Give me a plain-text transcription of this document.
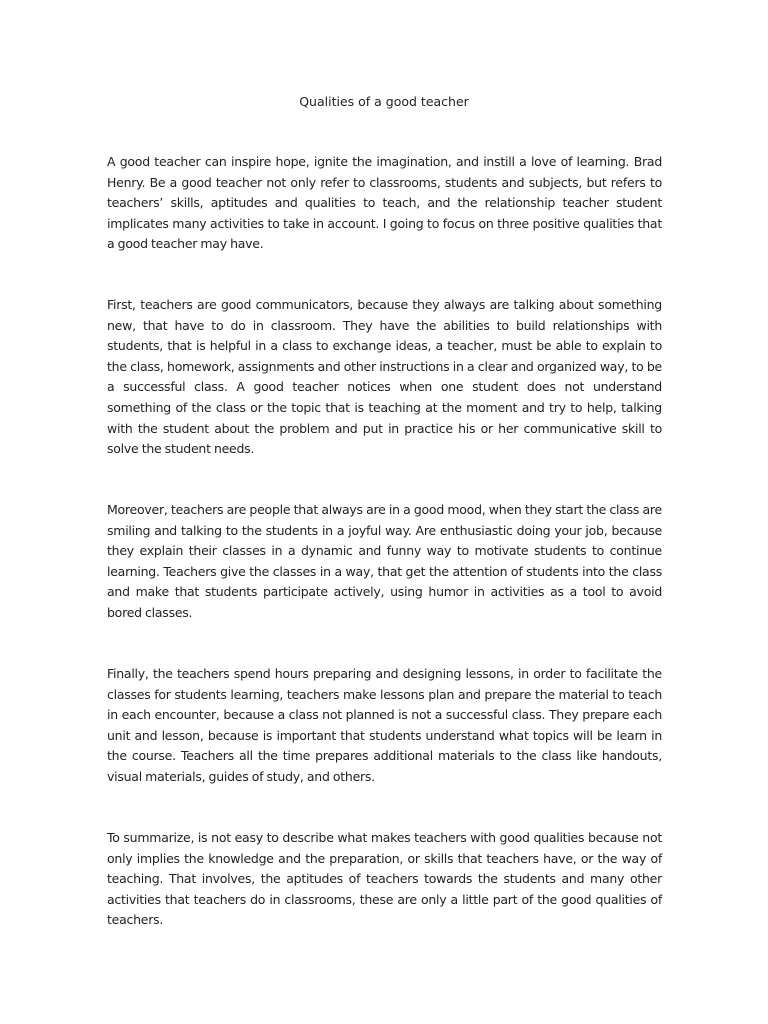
Qualities of a good teacher

A good teacher can inspire hope, ignite the imagination, and instill a love of learning. Brad Henry. Be a good teacher not only refer to classrooms, students and subjects, but refers to teachers’ skills, aptitudes and qualities to teach, and the relationship teacher student implicates many activities to take in account. I going to focus on three positive qualities that a good teacher may have.

First, teachers are good communicators, because they always are talking about something new, that have to do in classroom. They have the abilities to build relationships with students, that is helpful in a class to exchange ideas, a teacher, must be able to explain to the class, homework, assignments and other instructions in a clear and organized way, to be a successful class. A good teacher notices when one student does not understand something of the class or the topic that is teaching at the moment and try to help, talking with the student about the problem and put in practice his or her communicative skill to solve the student needs.

Moreover, teachers are people that always are in a good mood, when they start the class are smiling and talking to the students in a joyful way. Are enthusiastic doing your job, because they explain their classes in a dynamic and funny way to motivate students to continue learning. Teachers give the classes in a way, that get the attention of students into the class and make that students participate actively, using humor in activities as a tool to avoid bored classes.

Finally, the teachers spend hours preparing and designing lessons, in order to facilitate the classes for students learning, teachers make lessons plan and prepare the material to teach in each encounter, because a class not planned is not a successful class. They prepare each unit and lesson, because is important that students understand what topics will be learn in the course. Teachers all the time prepares additional materials to the class like handouts, visual materials, guides of study, and others.

To summarize, is not easy to describe what makes teachers with good qualities because not only implies the knowledge and the preparation, or skills that teachers have, or the way of teaching. That involves, the aptitudes of teachers towards the students and many other activities that teachers do in classrooms, these are only a little part of the good qualities of teachers.
